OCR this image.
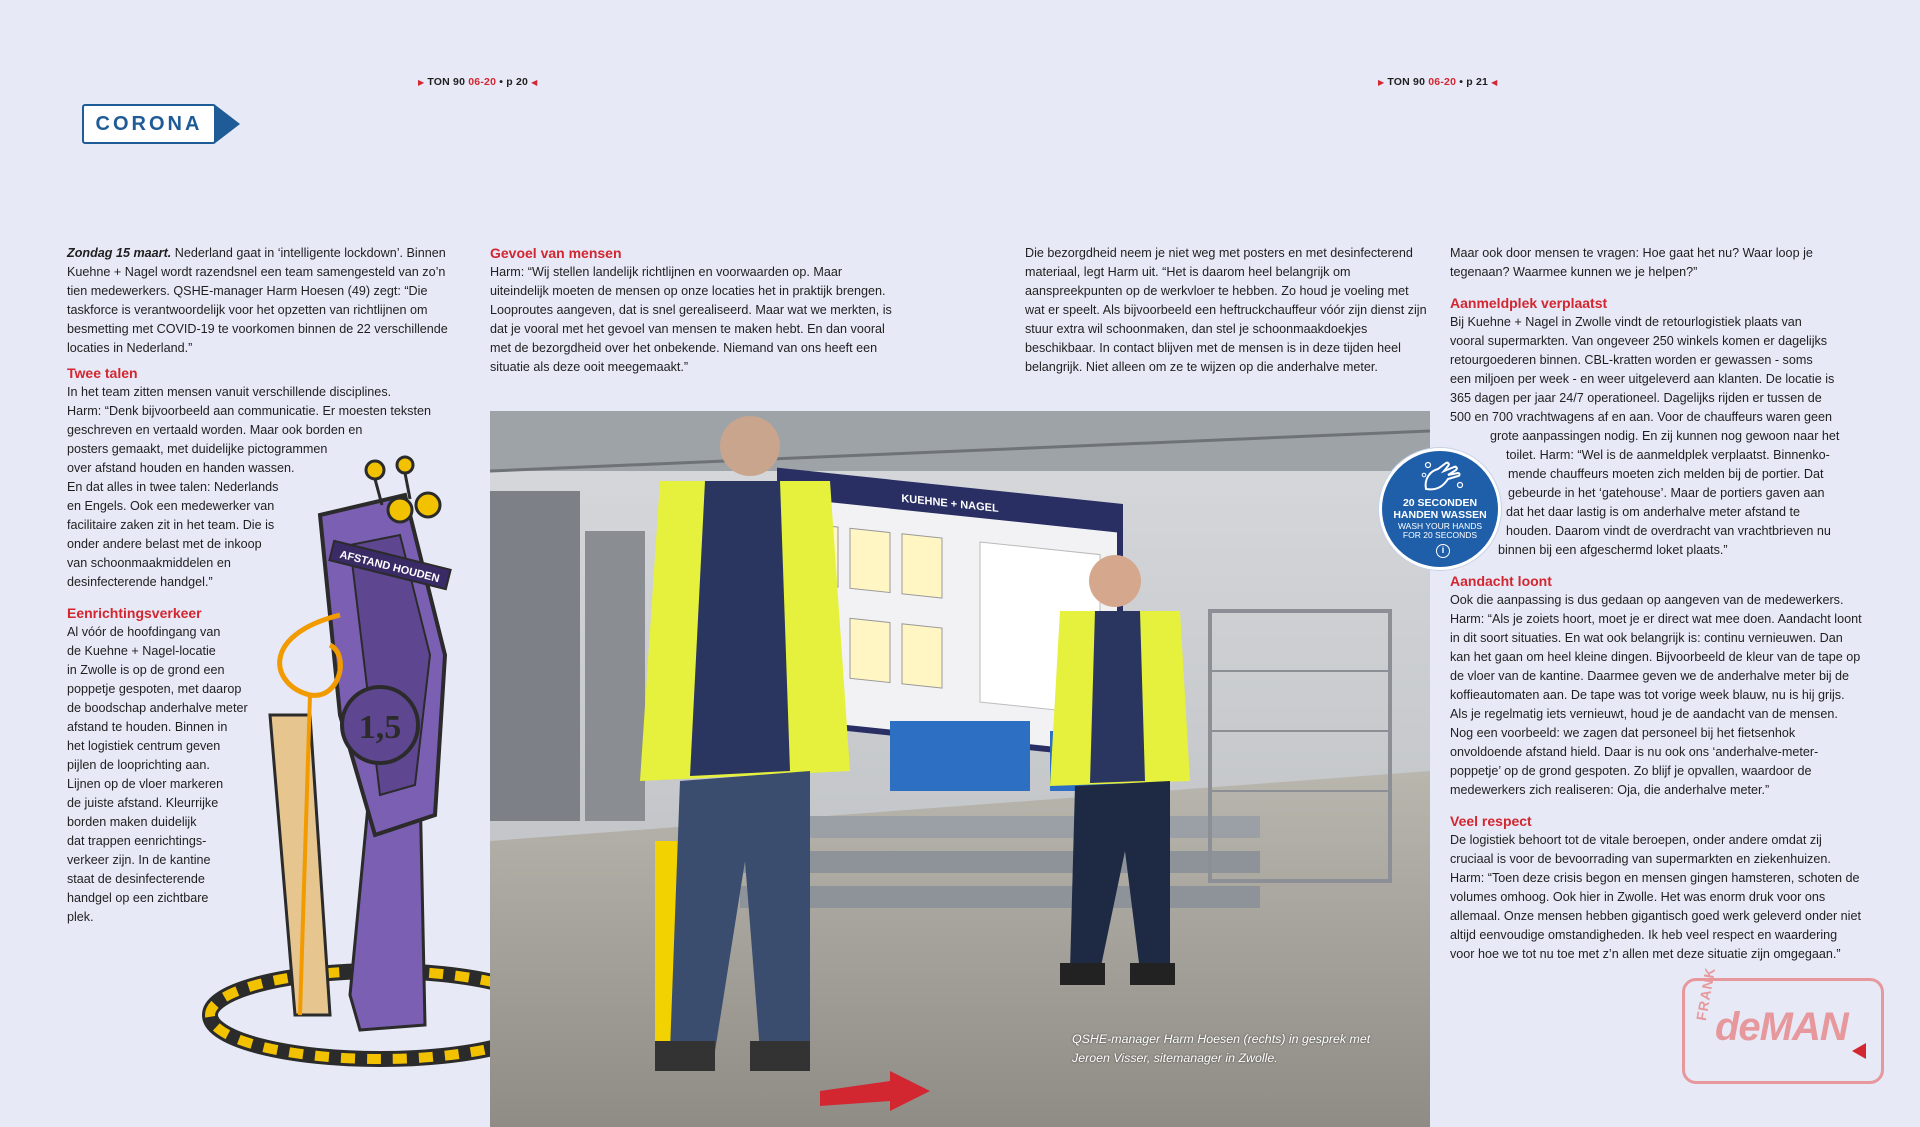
▶ TON 90 06-20 • p 20 ◀	▶ TON 90 06-20 • p 21 ◀
CORONA

Zondag 15 maart. Nederland gaat in ‘intelligente lockdown’. Binnen
Kuehne + Nagel wordt razendsnel een team samengesteld van zo’n
tien medewerkers. QSHE-manager Harm Hoesen (49) zegt: “Die
taskforce is verantwoordelijk voor het opzetten van richtlijnen om
besmetting met COVID-19 te voorkomen binnen de 22 verschillende
locaties in Nederland.”

Twee talen

In het team zitten mensen vanuit verschillende disciplines.
Harm: “Denk bijvoorbeeld aan communicatie. Er moesten teksten
geschreven en vertaald worden. Maar ook borden en
posters gemaakt, met duidelijke pictogrammen
over afstand houden en handen wassen.
En dat alles in twee talen: Nederlands
en Engels. Ook een medewerker van
facilitaire zaken zit in het team. Die is
onder andere belast met de inkoop
van schoonmaakmiddelen en
desinfecterende handgel.”

Eenrichtingsverkeer

Al vóór de hoofdingang van
de Kuehne + Nagel-locatie
in Zwolle is op de grond een
poppetje gespoten, met daarop
de boodschap anderhalve meter
afstand te houden. Binnen in
het logistiek centrum geven
pijlen de looprichting aan.
Lijnen op de vloer markeren
de juiste afstand. Kleurrijke
borden maken duidelijk
dat trappen eenrichtings-
verkeer zijn. In de kantine
staat de desinfecterende
handgel op een zichtbare
plek.

AFSTAND HOUDEN
1,5
Gevoel van mensen

Harm: “Wij stellen landelijk richtlijnen en voorwaarden op. Maar uiteindelijk moeten de mensen op onze locaties het in praktijk brengen. Looproutes aangeven, dat is snel gerealiseerd. Maar wat we merkten, is dat je vooral met het gevoel van mensen te maken hebt. En dan vooral met de bezorgdheid over het onbekende. Niemand van ons heeft een situatie als deze ooit meegemaakt.”

Die bezorgdheid neem je niet weg met posters en met desinfecterend materiaal, legt Harm uit. “Het is daarom heel belangrijk om aanspreekpunten op de werkvloer te hebben. Zo houd je voeling met wat er speelt. Als bijvoorbeeld een heftruckchauffeur vóór zijn dienst zijn stuur extra wil schoonmaken, dan stel je schoonmaakdoekjes beschikbaar. In contact blijven met de mensen is in deze tijden heel belangrijk. Niet alleen om ze te wijzen op die anderhalve meter.

Maar ook door mensen te vragen: Hoe gaat het nu? Waar loop je tegenaan? Waarmee kunnen we je helpen?”

Aanmeldplek verplaatst

Bij Kuehne + Nagel in Zwolle vindt de retourlogistiek plaats van
vooral supermarkten. Van ongeveer 250 winkels komen er dagelijks
retourgoederen binnen. CBL-kratten worden er gewassen - soms
een miljoen per week - en weer uitgeleverd aan klanten. De locatie is
365 dagen per jaar 24/7 operationeel. Dagelijks rijden er tussen de
500 en 700 vrachtwagens af en aan. Voor de chauffeurs waren geen
grote aanpassingen nodig. En zij kunnen nog gewoon naar het
toilet. Harm: “Wel is de aanmeldplek verplaatst. Binnenko-
mende chauffeurs moeten zich melden bij de portier. Dat
gebeurde in het ‘gatehouse’. Maar de portiers gaven aan
dat het daar lastig is om anderhalve meter afstand te
houden. Daarom vindt de overdracht van vrachtbrieven nu
binnen bij een afgeschermd loket plaats.”

Aandacht loont

Ook die aanpassing is dus gedaan op aangeven van de medewerkers. Harm: “Als je zoiets hoort, moet je er direct wat mee doen. Aandacht loont in dit soort situaties. En wat ook belangrijk is: continu vernieuwen. Dan kan het gaan om heel kleine dingen. Bijvoorbeeld de kleur van de tape op de vloer van de kantine. Daarmee geven we de anderhalve meter bij de koffieautomaten aan. De tape was tot vorige week blauw, nu is hij grijs. Als je regelmatig iets vernieuwt, houd je de aandacht van de mensen. Nog een voorbeeld: we zagen dat personeel bij het fietsenhok onvoldoende afstand hield. Daar is nu ook ons ‘anderhalve-meter-poppetje’ op de grond gespoten. Zo blijf je opvallen, waardoor de medewerkers zich realiseren: Oja, die anderhalve meter.”

Veel respect

De logistiek behoort tot de vitale beroepen, onder andere omdat zij cruciaal is voor de bevoorrading van supermarkten en ziekenhuizen. Harm: “Toen deze crisis begon en mensen gingen hamsteren, schoten de volumes omhoog. Ook hier in Zwolle. Het was enorm druk voor ons allemaal. Onze mensen hebben gigantisch goed werk geleverd onder niet altijd eenvoudige omstandigheden. Ik heb veel respect en waardering voor hoe we tot nu toe met z’n allen met deze situatie zijn omgegaan.”

KUEHNE + NAGEL
QSHE-manager Harm Hoesen (rechts) in gesprek met Jeroen Visser, sitemanager in Zwolle.
20 SECONDEN
HANDEN WASSEN
WASH YOUR HANDS
FOR 20 SECONDS
i
FRANK
deMAN
